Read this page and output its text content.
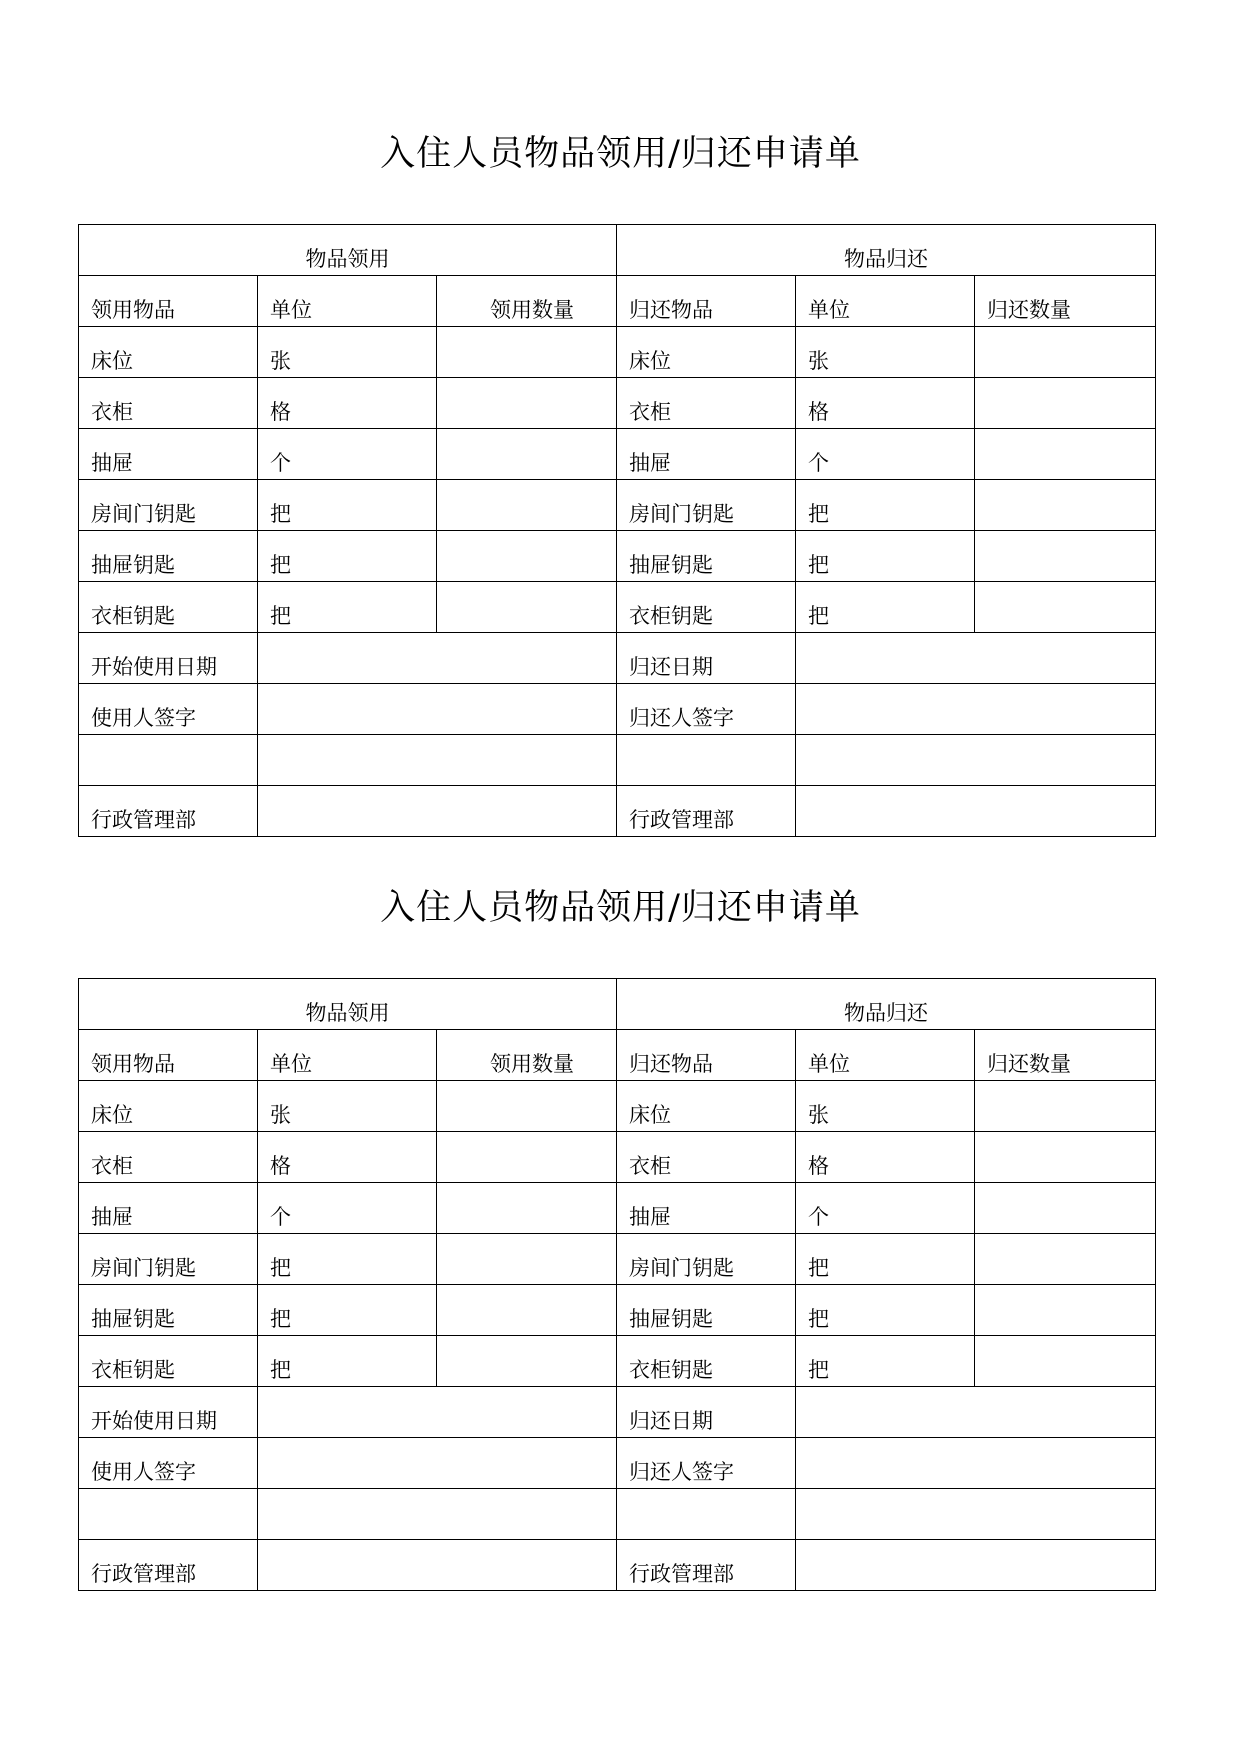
入住人员物品领用/归还申请单
物品领用			物品归还		
领用物品	单位	领用数量	归还物品	单位	归还数量
床位	张		床位	张	
衣柜	格		衣柜	格	
抽屉	个		抽屉	个	
房间门钥匙	把		房间门钥匙	把	
抽屉钥匙	把		抽屉钥匙	把	
衣柜钥匙	把		衣柜钥匙	把	
开始使用日期			归还日期		
使用人签字			归还人签字		

行政管理部			行政管理部		
入住人员物品领用/归还申请单
物品领用			物品归还		
领用物品	单位	领用数量	归还物品	单位	归还数量
床位	张		床位	张	
衣柜	格		衣柜	格	
抽屉	个		抽屉	个	
房间门钥匙	把		房间门钥匙	把	
抽屉钥匙	把		抽屉钥匙	把	
衣柜钥匙	把		衣柜钥匙	把	
开始使用日期			归还日期		
使用人签字			归还人签字		

行政管理部			行政管理部		
